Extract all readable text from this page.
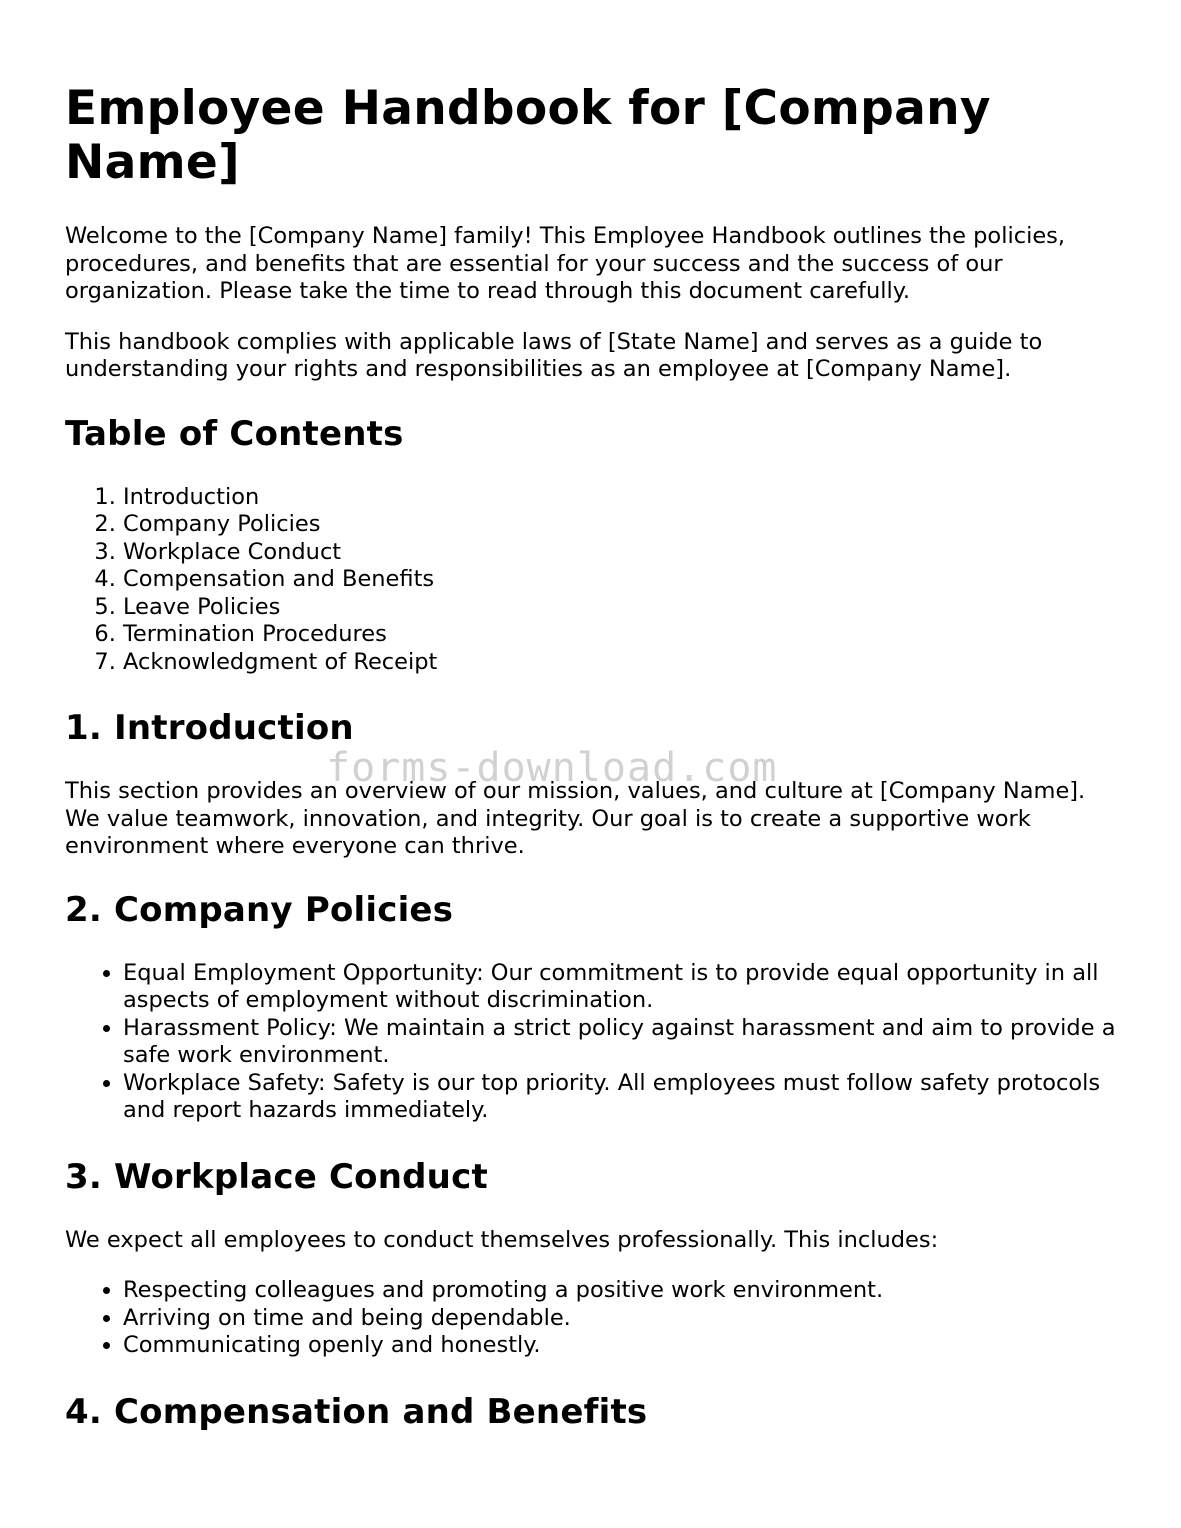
Employee Handbook for [Company Name]

Welcome to the [Company Name] family! This Employee Handbook outlines the policies, procedures, and benefits that are essential for your success and the success of our organization. Please take the time to read through this document carefully.

This handbook complies with applicable laws of [State Name] and serves as a guide to understanding your rights and responsibilities as an employee at [Company Name].

Table of Contents
1. Introduction
2. Company Policies
3. Workplace Conduct
4. Compensation and Benefits
5. Leave Policies
6. Termination Procedures
7. Acknowledgment of Receipt
1. Introduction

This section provides an overview of our mission, values, and culture at [Company Name]. We value teamwork, innovation, and integrity. Our goal is to create a supportive work environment where everyone can thrive.

2. Company Policies
• Equal Employment Opportunity: Our commitment is to provide equal opportunity in all aspects of employment without discrimination.
• Harassment Policy: We maintain a strict policy against harassment and aim to provide a safe work environment.
• Workplace Safety: Safety is our top priority. All employees must follow safety protocols and report hazards immediately.
3. Workplace Conduct

We expect all employees to conduct themselves professionally. This includes:

• Respecting colleagues and promoting a positive work environment.
• Arriving on time and being dependable.
• Communicating openly and honestly.
4. Compensation and Benefits
forms-download.com
